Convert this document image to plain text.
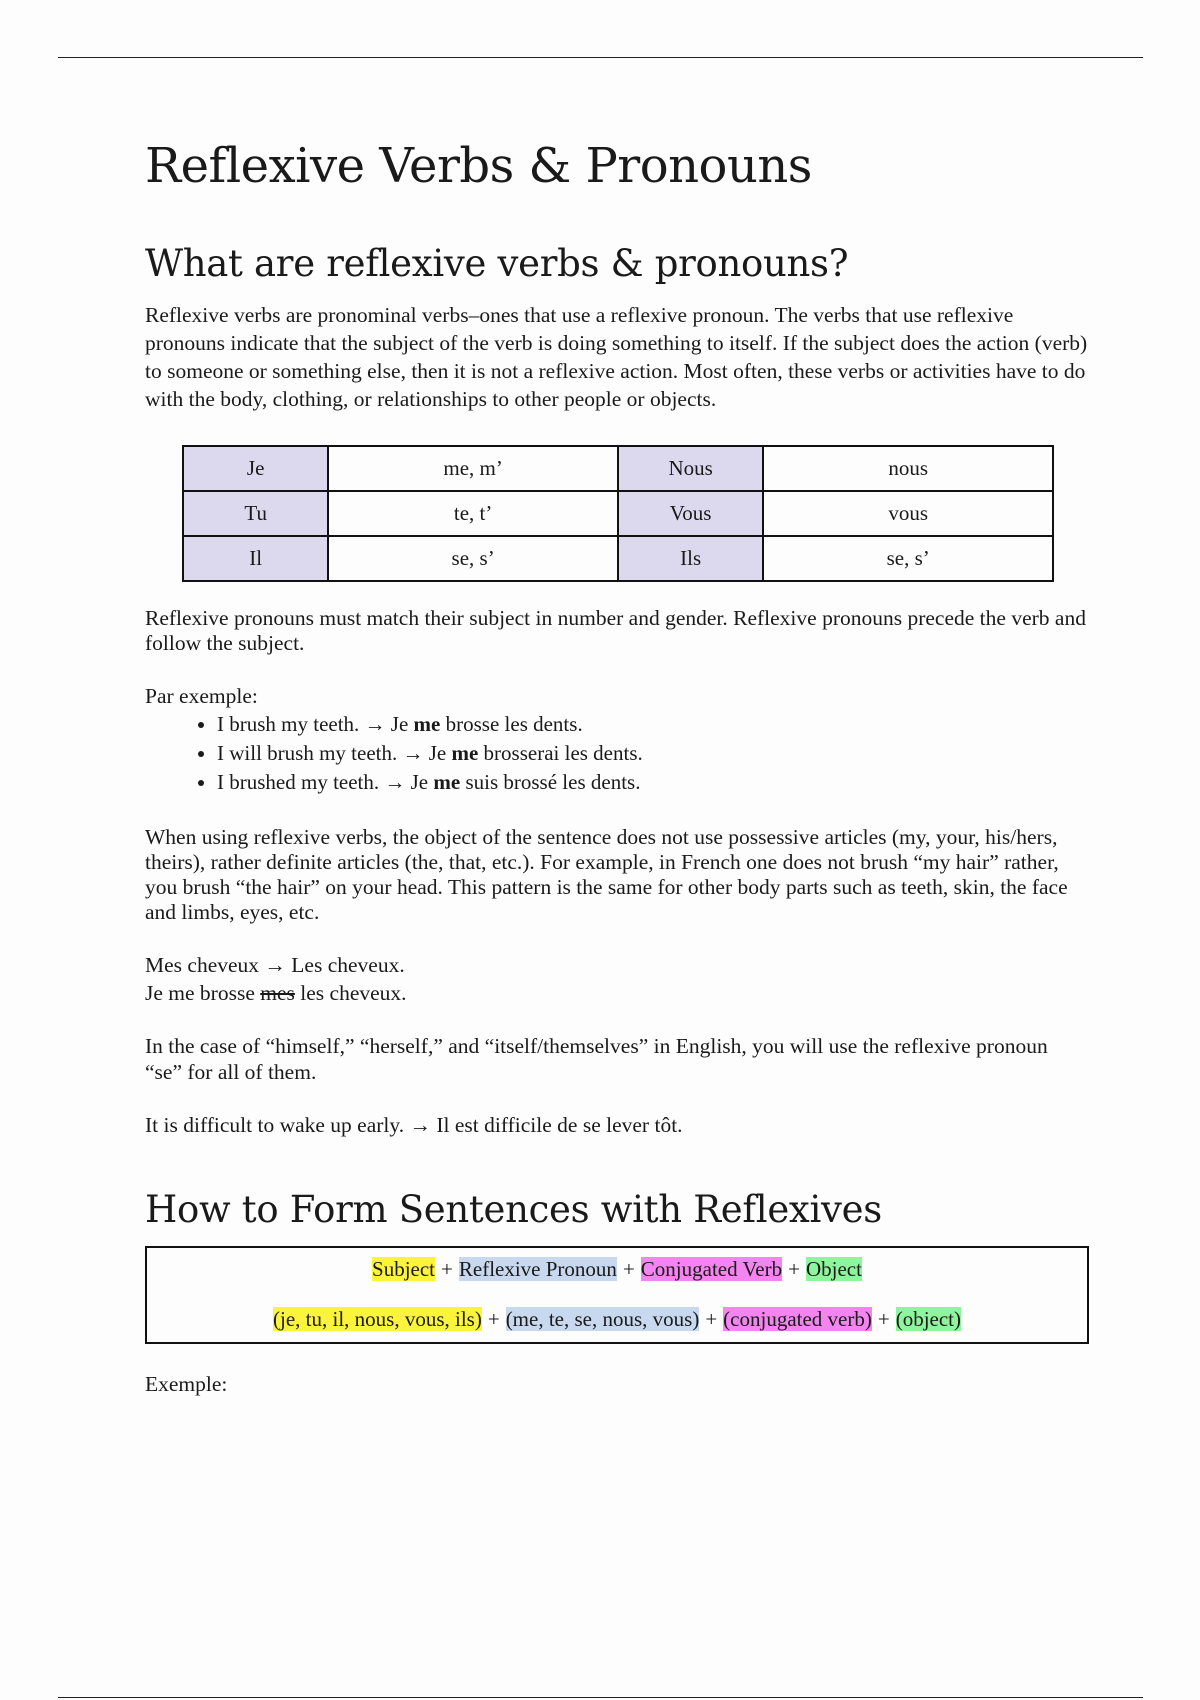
Reflexive Verbs & Pronouns
What are reflexive verbs & pronouns?

Reflexive verbs are pronominal verbs–ones that use a reflexive pronoun. The verbs that use reflexive pronouns indicate that the subject of the verb is doing something to itself. If the subject does the action (verb) to someone or something else, then it is not a reflexive action. Most often, these verbs or activities have to do with the body, clothing, or relationships to other people or objects.

Je	me, m’	Nous	nous
Tu	te, t’	Vous	vous
Il	se, s’	Ils	se, s’

Reflexive pronouns must match their subject in number and gender. Reflexive pronouns precede the verb and follow the subject.

Par exemple:

• I brush my teeth. → Je me brosse les dents.
• I will brush my teeth. → Je me brosserai les dents.
• I brushed my teeth. → Je me suis brossé les dents.

When using reflexive verbs, the object of the sentence does not use possessive articles (my, your, his/hers, theirs), rather definite articles (the, that, etc.). For example, in French one does not brush “my hair” rather, you brush “the hair” on your head. This pattern is the same for other body parts such as teeth, skin, the face and limbs, eyes, etc.

Mes cheveux → Les cheveux.

Je me brosse mes les cheveux.

In the case of “himself,” “herself,” and “itself/themselves” in English, you will use the reflexive pronoun “se” for all of them.

It is difficult to wake up early. → Il est difficile de se lever tôt.

How to Form Sentences with Reflexives
Subject + Reflexive Pronoun + Conjugated Verb + Object
(je, tu, il, nous, vous, ils) + (me, te, se, nous, vous) + (conjugated verb) + (object)

Exemple:
